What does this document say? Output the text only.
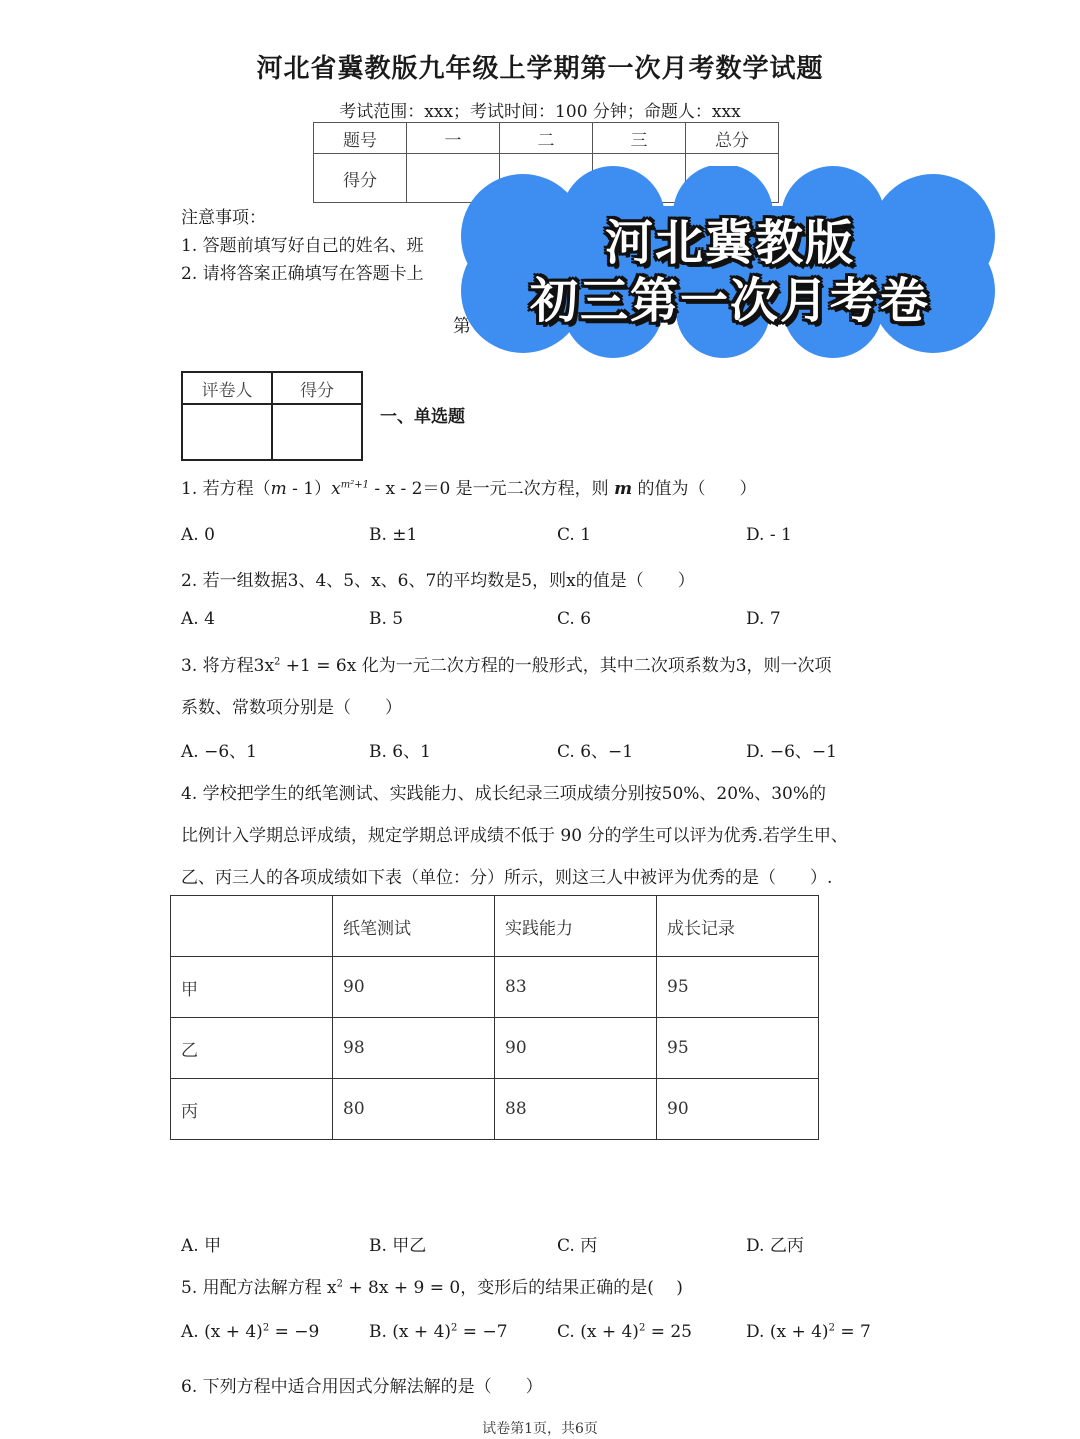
河北省冀教版九年级上学期第一次月考数学试题
考试范围：xxx；考试时间：100 分钟；命题人：xxx
题号	一	二	三	总分
得分				
注意事项：
1. 答题前填写好自己的姓名、班
2. 请将答案正确填写在答题卡上
第
河北冀教版
初三第一次月考卷
评卷人	得分

一、单选题
1. 若方程$(m - 1)x^{m^2+1} - x - 2=0$ 是一元二次方程，则 m 的值为（　　）
A. 0	B. ±1	C. 1	D. - 1
2. 若一组数据3、4、5、x、6、7的平均数是5，则x的值是（　　）
A. 4	B. 5	C. 6	D. 7
3. 将方程$3x^2 +1 = 6x$ 化为一元二次方程的一般形式，其中二次项系数为3，则一次项
系数、常数项分别是（　　）
A. −6、1	B. 6、1	C. 6、−1	D. −6、−1
4. 学校把学生的纸笔测试、实践能力、成长纪录三项成绩分别按50%、20%、30%的
比例计入学期总评成绩，规定学期总评成绩不低于 90 分的学生可以评为优秀.若学生甲、
乙、丙三人的各项成绩如下表（单位：分）所示，则这三人中被评为优秀的是（　　）.
	纸笔测试	实践能力	成长记录
甲	90	83	95
乙	98	90	95
丙	80	88	90
A. 甲	B. 甲乙	C. 丙	D. 乙丙
5. 用配方法解方程 $x^2 + 8x + 9 = 0$，变形后的结果正确的是(　 )
A. $(x + 4)^2 = -9$	B. $(x + 4)^2 = -7$	C. $(x + 4)^2 = 25$	D. $(x + 4)^2 = 7$
6. 下列方程中适合用因式分解法解的是（　　）
试卷第1页，共6页
